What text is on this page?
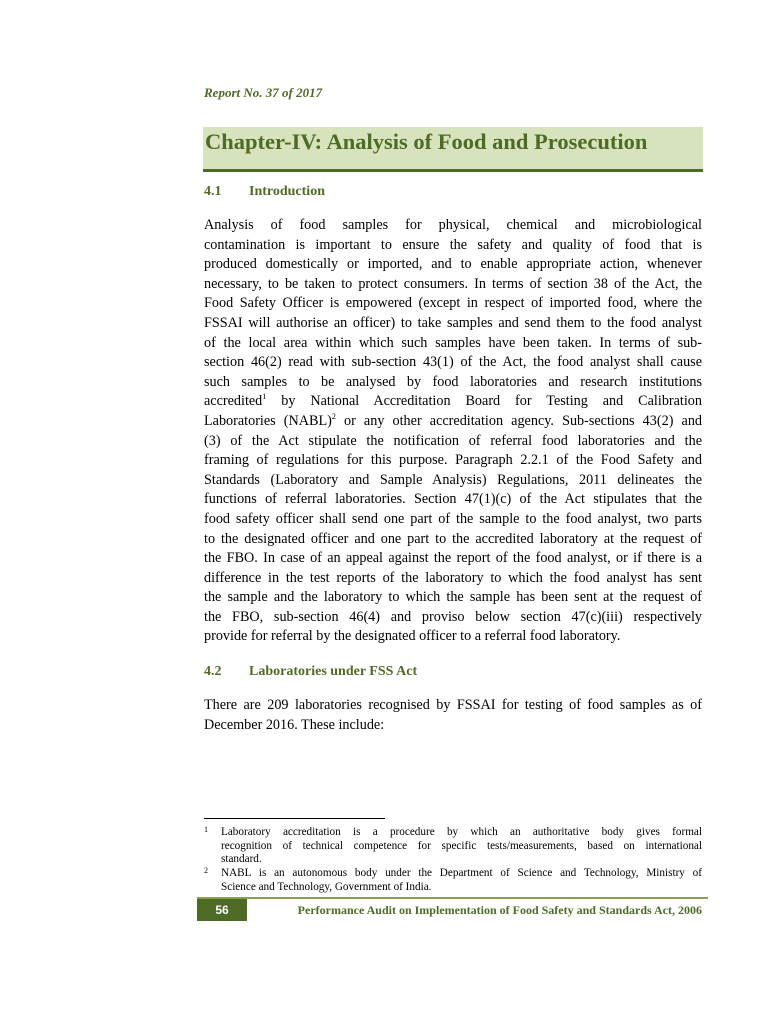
Report No. 37 of 2017
Chapter-IV: Analysis of Food and Prosecution
4.1 Introduction
Analysis of food samples for physical, chemical and microbiological
contamination is important to ensure the safety and quality of food that is
produced domestically or imported, and to enable appropriate action, whenever
necessary, to be taken to protect consumers. In terms of section 38 of the Act, the
Food Safety Officer is empowered (except in respect of imported food, where the
FSSAI will authorise an officer) to take samples and send them to the food analyst
of the local area within which such samples have been taken. In terms of sub-
section 46(2) read with sub-section 43(1) of the Act, the food analyst shall cause
such samples to be analysed by food laboratories and research institutions
accredited$^1$ by National Accreditation Board for Testing and Calibration
Laboratories (NABL)$^2$ or any other accreditation agency. Sub-sections 43(2) and
(3) of the Act stipulate the notification of referral food laboratories and the
framing of regulations for this purpose. Paragraph 2.2.1 of the Food Safety and
Standards (Laboratory and Sample Analysis) Regulations, 2011 delineates the
functions of referral laboratories. Section 47(1)(c) of the Act stipulates that the
food safety officer shall send one part of the sample to the food analyst, two parts
to the designated officer and one part to the accredited laboratory at the request of
the FBO. In case of an appeal against the report of the food analyst, or if there is a
difference in the test reports of the laboratory to which the food analyst has sent
the sample and the laboratory to which the sample has been sent at the request of
the FBO, sub-section 46(4) and proviso below section 47(c)(iii) respectively
provide for referral by the designated officer to a referral food laboratory.
4.2 Laboratories under FSS Act
There are 209 laboratories recognised by FSSAI for testing of food samples as of
December 2016. These include:
1 Laboratory accreditation is a procedure by which an authoritative body gives formal
recognition of technical competence for specific tests/measurements, based on international
standard.
2 NABL is an autonomous body under the Department of Science and Technology, Ministry of
Science and Technology, Government of India.
56	Performance Audit on Implementation of Food Safety and Standards Act, 2006
